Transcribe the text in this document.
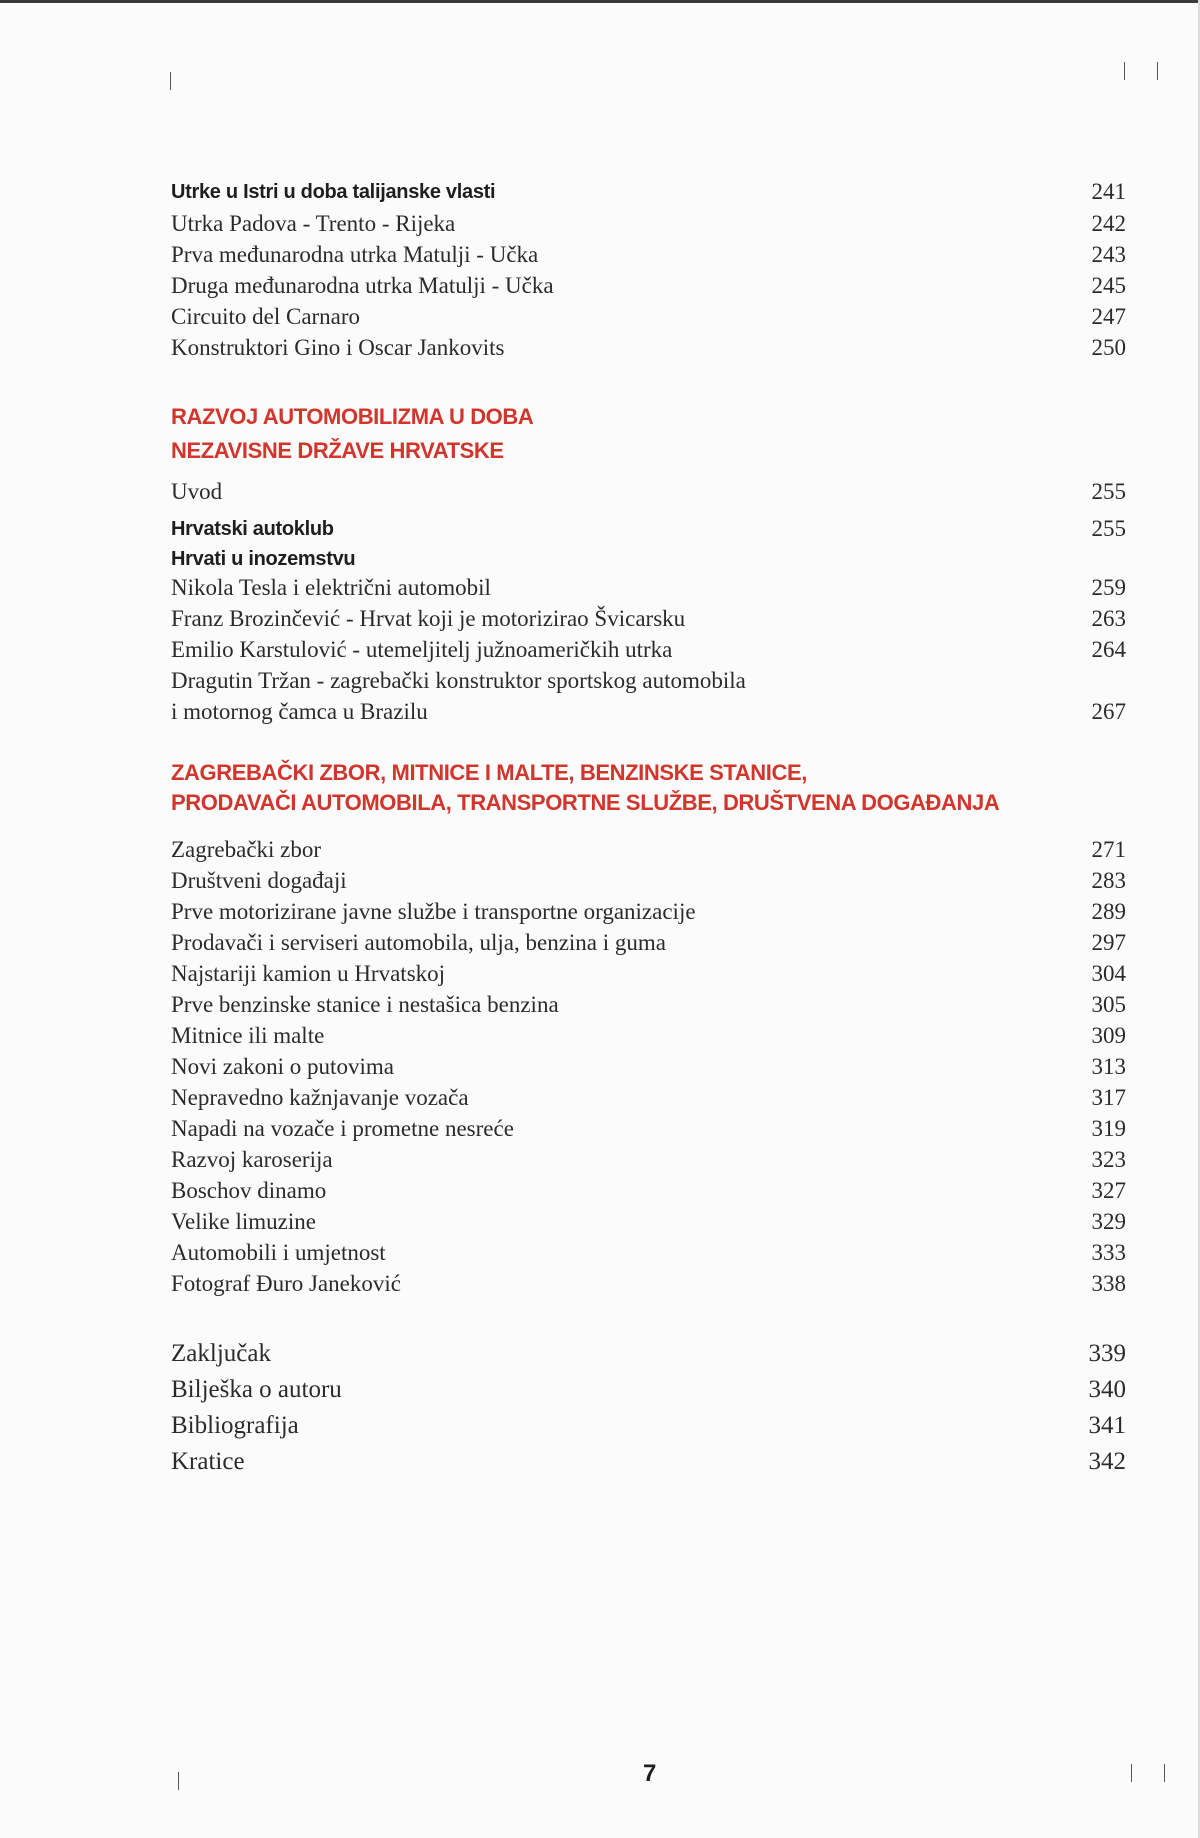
Utrke u Istri u doba talijanske vlasti	241
Utrka Padova - Trento - Rijeka	242
Prva međunarodna utrka Matulji - Učka	243
Druga međunarodna utrka Matulji - Učka	245
Circuito del Carnaro	247
Konstruktori Gino i Oscar Jankovits	250
RAZVOJ AUTOMOBILIZMA U DOBA
NEZAVISNE DRŽAVE HRVATSKE
Uvod	255
Hrvatski autoklub	255
Hrvati u inozemstvu
Nikola Tesla i električni automobil	259
Franz Brozinčević - Hrvat koji je motorizirao Švicarsku	263
Emilio Karstulović - utemeljitelj južnoameričkih utrka	264
Dragutin Tržan - zagrebački konstruktor sportskog automobila
i motornog čamca u Brazilu	267
ZAGREBAČKI ZBOR, MITNICE I MALTE, BENZINSKE STANICE,
PRODAVAČI AUTOMOBILA, TRANSPORTNE SLUŽBE, DRUŠTVENA DOGAĐANJA
Zagrebački zbor	271
Društveni događaji	283
Prve motorizirane javne službe i transportne organizacije	289
Prodavači i serviseri automobila, ulja, benzina i guma	297
Najstariji kamion u Hrvatskoj	304
Prve benzinske stanice i nestašica benzina	305
Mitnice ili malte	309
Novi zakoni o putovima	313
Nepravedno kažnjavanje vozača	317
Napadi na vozače i prometne nesreće	319
Razvoj karoserija	323
Boschov dinamo	327
Velike limuzine	329
Automobili i umjetnost	333
Fotograf Đuro Janeković	338
Zaključak	339
Bilješka o autoru	340
Bibliografija	341
Kratice	342
7
